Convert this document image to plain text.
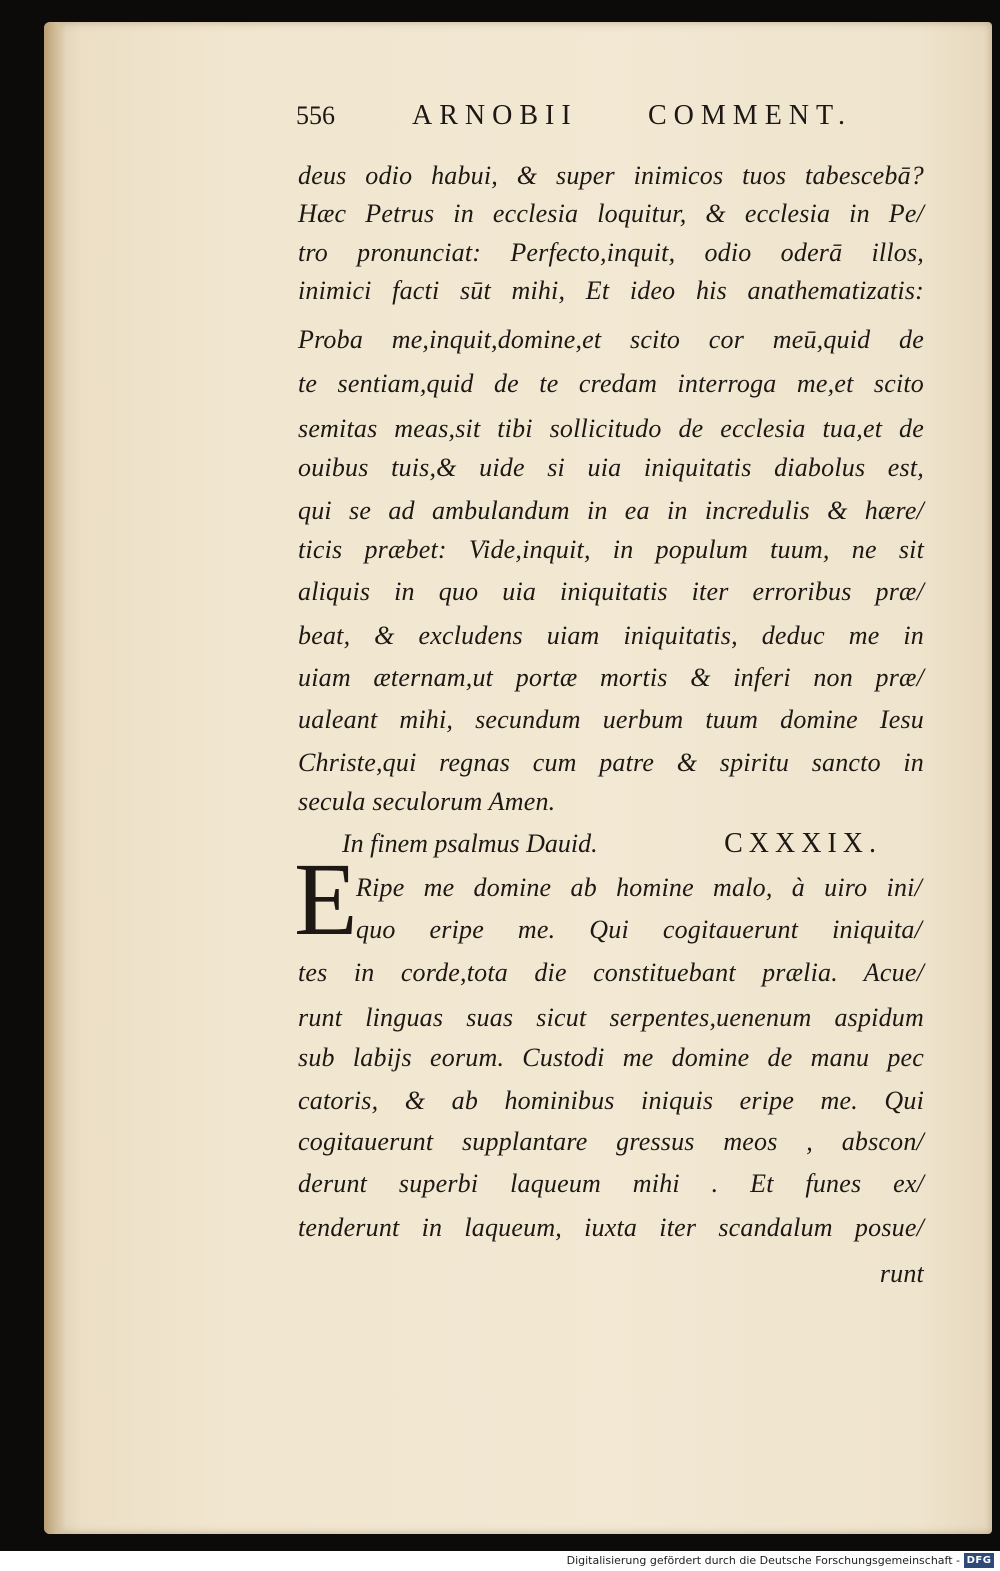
556	ARNOBII	COMMENT.

deus odio habui, & super inimicos tuos tabescebā?

Hæc Petrus in ecclesia loquitur, & ecclesia in Pe/

tro pronunciat: Perfecto,inquit, odio oderā illos,

inimici facti sūt mihi, Et ideo his anathematizatis:

Proba me,inquit,domine,et scito cor meū,quid de

te sentiam,quid de te credam interroga me,et scito

semitas meas,sit tibi sollicitudo de ecclesia tua,et de

ouibus tuis,& uide si uia iniquitatis diabolus est,

qui se ad ambulandum in ea in incredulis & hære/

ticis præbet: Vide,inquit, in populum tuum, ne sit

aliquis in quo uia iniquitatis iter erroribus præ/

beat, & excludens uiam iniquitatis, deduc me in

uiam æternam,ut portæ mortis & inferi non præ/

ualeant mihi, secundum uerbum tuum domine Iesu

Christe,qui regnas cum patre & spiritu sancto in

secula seculorum Amen.

In finem psalmus Dauid.	CXXXIX.
E

Ripe me domine ab homine malo, à uiro ini/

quo eripe me. Qui cogitauerunt iniquita/

tes in corde,tota die constituebant prælia. Acue/

runt linguas suas sicut serpentes,uenenum aspidum

sub labijs eorum. Custodi me domine de manu pec

catoris, & ab hominibus iniquis eripe me. Qui

cogitauerunt supplantare gressus meos , abscon/

derunt superbi laqueum mihi . Et funes ex/

tenderunt in laqueum, iuxta iter scandalum posue/

runt

Digitalisierung gefördert durch die Deutsche Forschungsgemeinschaft - DFG
